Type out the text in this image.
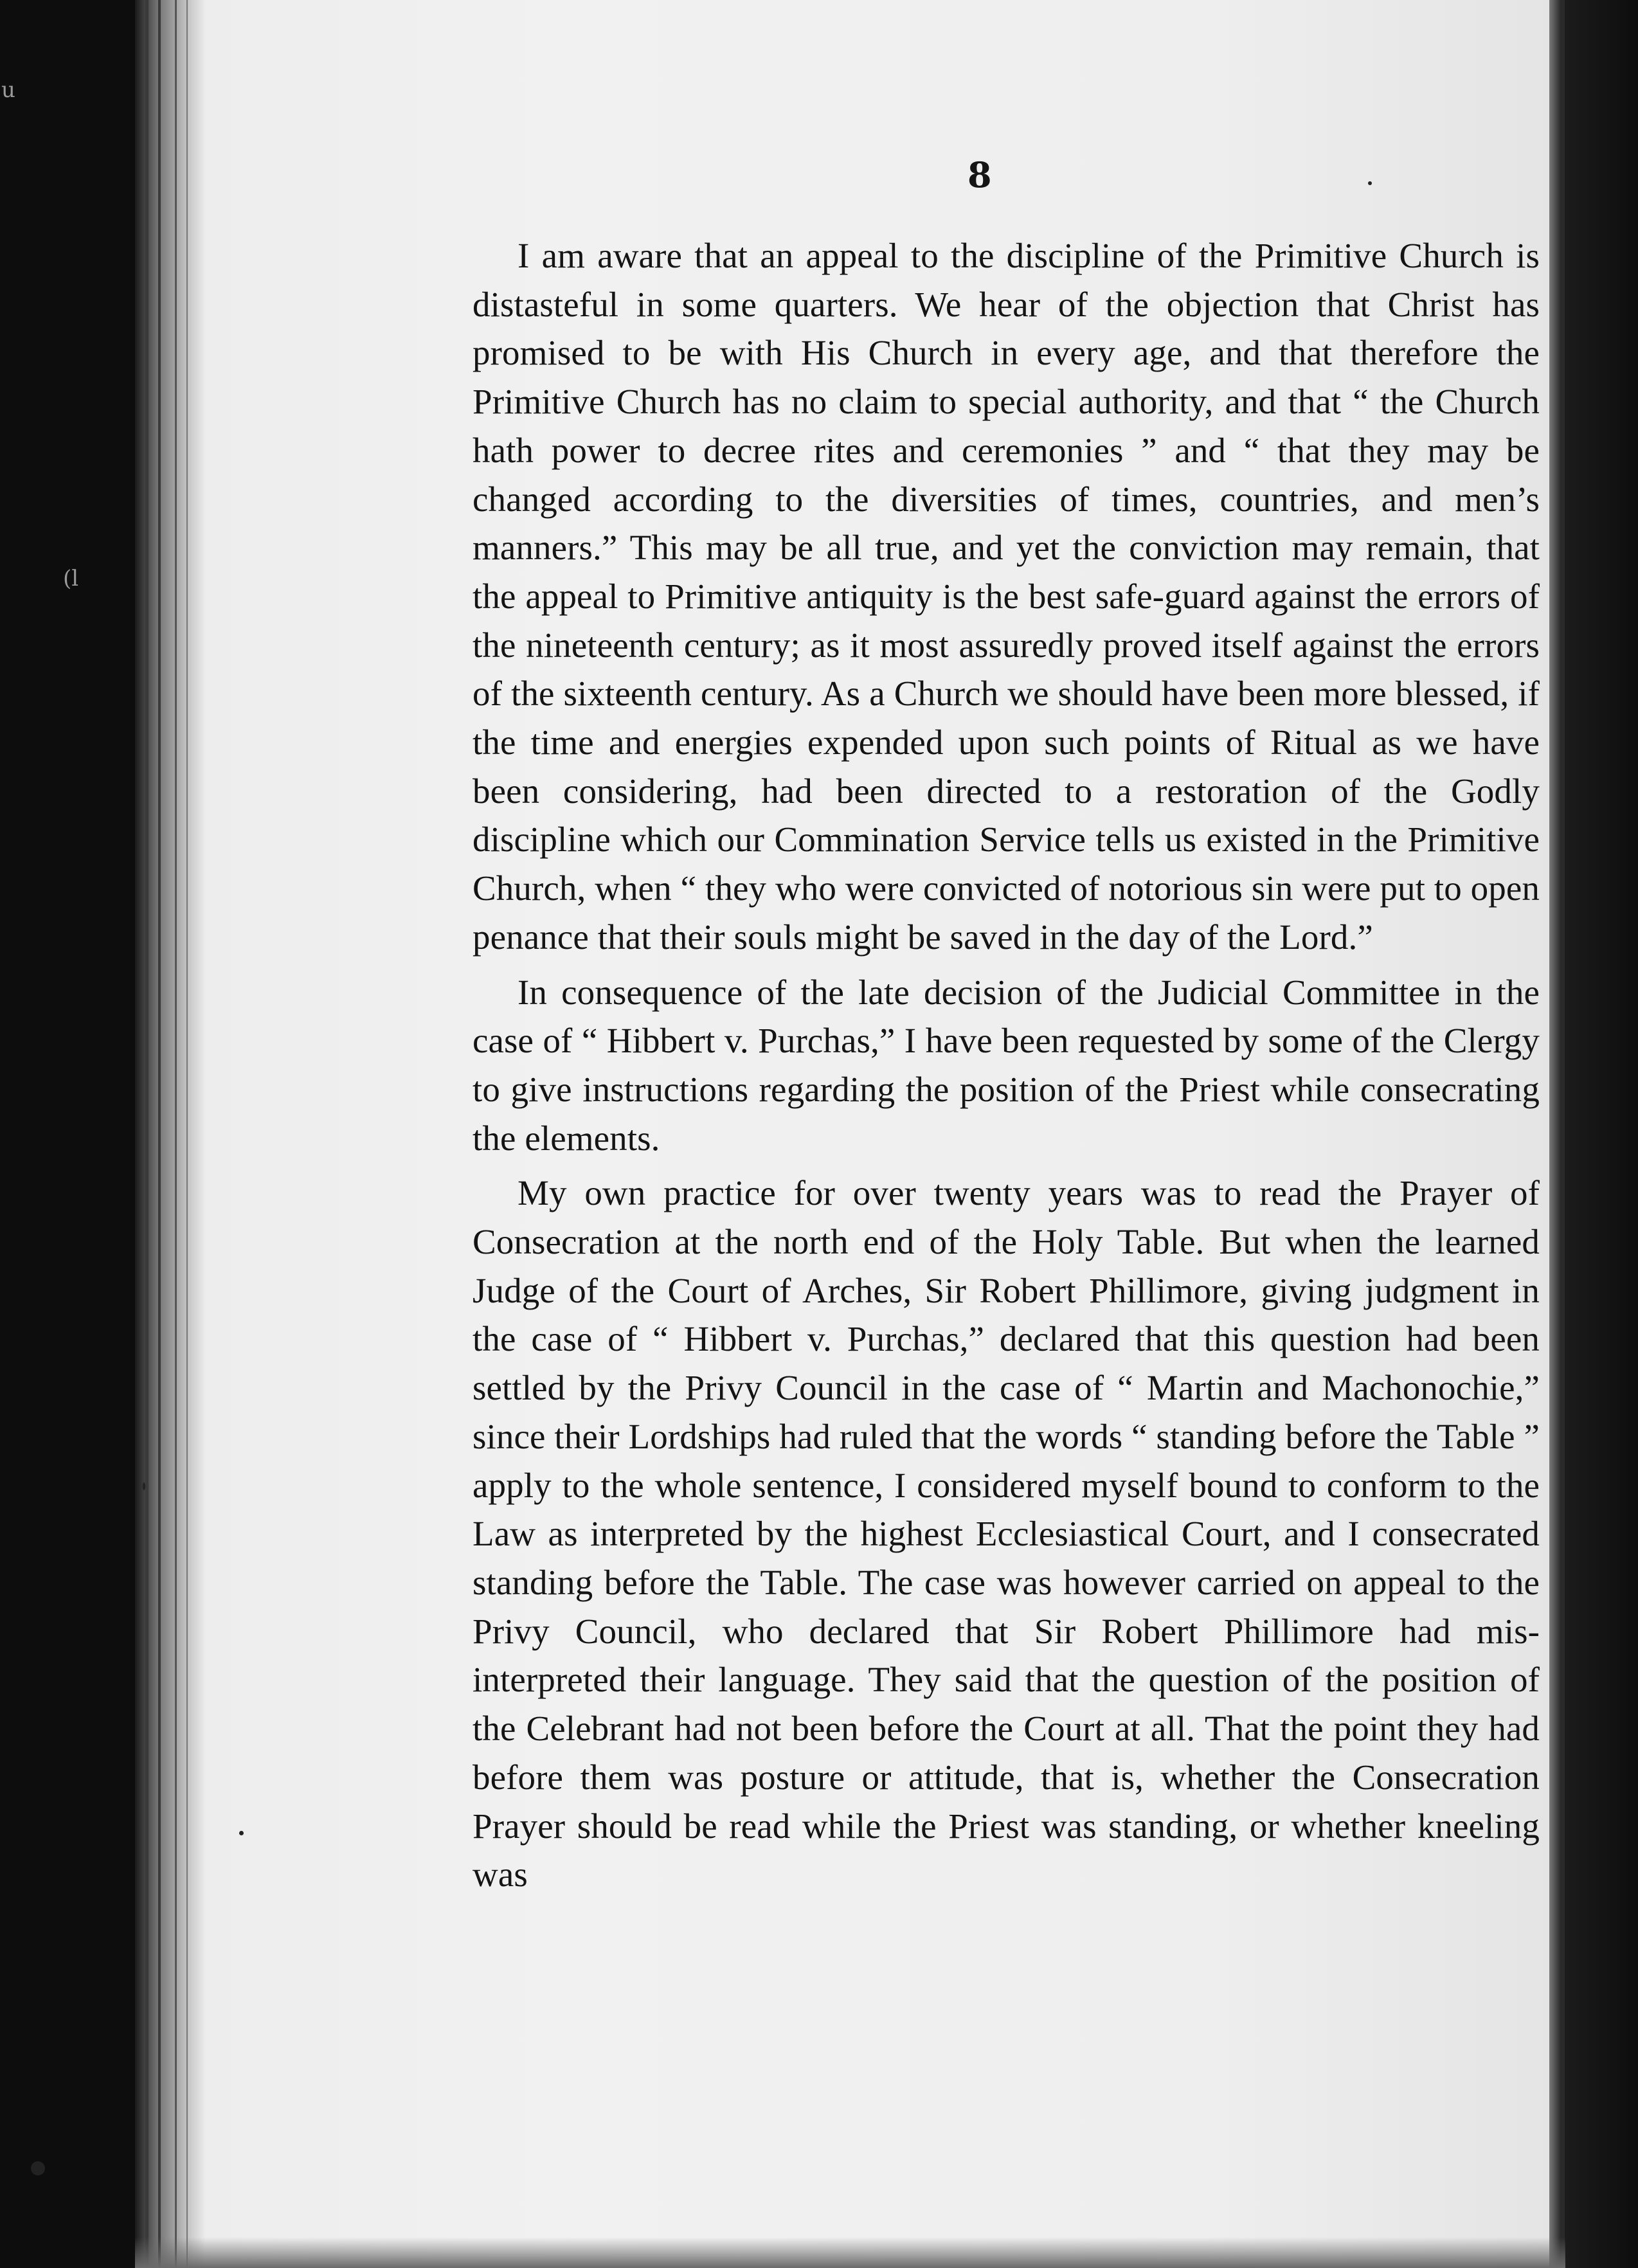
u
(l
8

I am aware that an appeal to the discipline of the Primitive Church is distasteful in some quarters. We hear of the objection that Christ has promised to be with His Church in every age, and that therefore the Primitive Church has no claim to special authority, and that “ the Church hath power to decree rites and ceremonies ” and “ that they may be changed according to the diversities of times, countries, and men’s manners.” This may be all true, and yet the conviction may remain, that the appeal to Primitive antiquity is the best safe-guard against the errors of the nineteenth century; as it most assuredly proved itself against the errors of the sixteenth century. As a Church we should have been more blessed, if the time and energies expended upon such points of Ritual as we have been considering, had been directed to a restoration of the Godly discipline which our Commination Service tells us existed in the Primitive Church, when “ they who were convicted of notorious sin were put to open penance that their souls might be saved in the day of the Lord.”

In consequence of the late decision of the Judicial Committee in the case of “ Hibbert v. Purchas,” I have been requested by some of the Clergy to give instructions regarding the position of the Priest while consecrating the elements.

My own practice for over twenty years was to read the Prayer of Consecration at the north end of the Holy Table. But when the learned Judge of the Court of Arches, Sir Robert Phillimore, giving judgment in the case of “ Hibbert v. Purchas,” declared that this question had been settled by the Privy Council in the case of “ Martin and Machonochie,” since their Lordships had ruled that the words “ standing before the Table ” apply to the whole sentence, I considered myself bound to conform to the Law as interpreted by the highest Ecclesiastical Court, and I consecrated standing before the Table. The case was however carried on appeal to the Privy Council, who declared that Sir Robert Phillimore had mis-interpreted their language. They said that the question of the position of the Celebrant had not been before the Court at all. That the point they had before them was posture or attitude, that is, whether the Consecration Prayer should be read while the Priest was standing, or whether kneeling was
